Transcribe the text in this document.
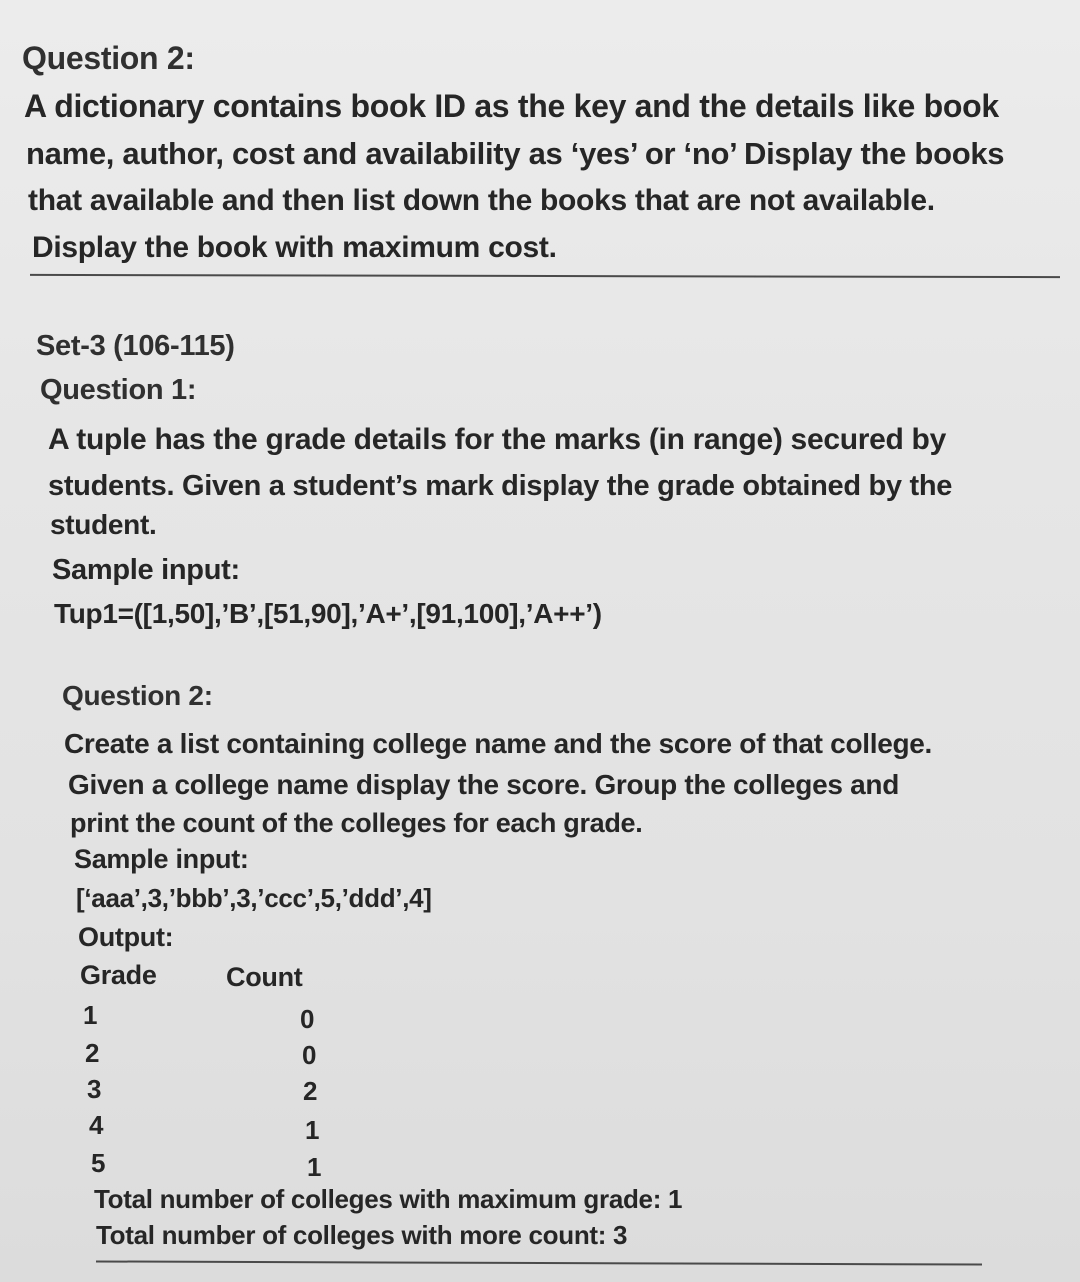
Question 2:
A dictionary contains book ID as the key and the details like book
name, author, cost and availability as ‘yes’ or ‘no’ Display the books
that available and then list down the books that are not available.
Display the book with maximum cost.
Set-3 (106-115)
Question 1:
A tuple has the grade details for the marks (in range) secured by
students. Given a student’s mark display the grade obtained by the
student.
Sample input:
Tup1=([1,50],’B’,[51,90],’A+’,[91,100],’A++’)
Question 2:
Create a list containing college name and the score of that college.
Given a college name display the score. Group the colleges and
print the count of the colleges for each grade.
Sample input:
[‘aaa’,3,’bbb’,3,’ccc’,5,’ddd’,4]
Output:
Grade	Count
1	0
2	0
3	2
4	1
5	1
Total number of colleges with maximum grade: 1
Total number of colleges with more count: 3
